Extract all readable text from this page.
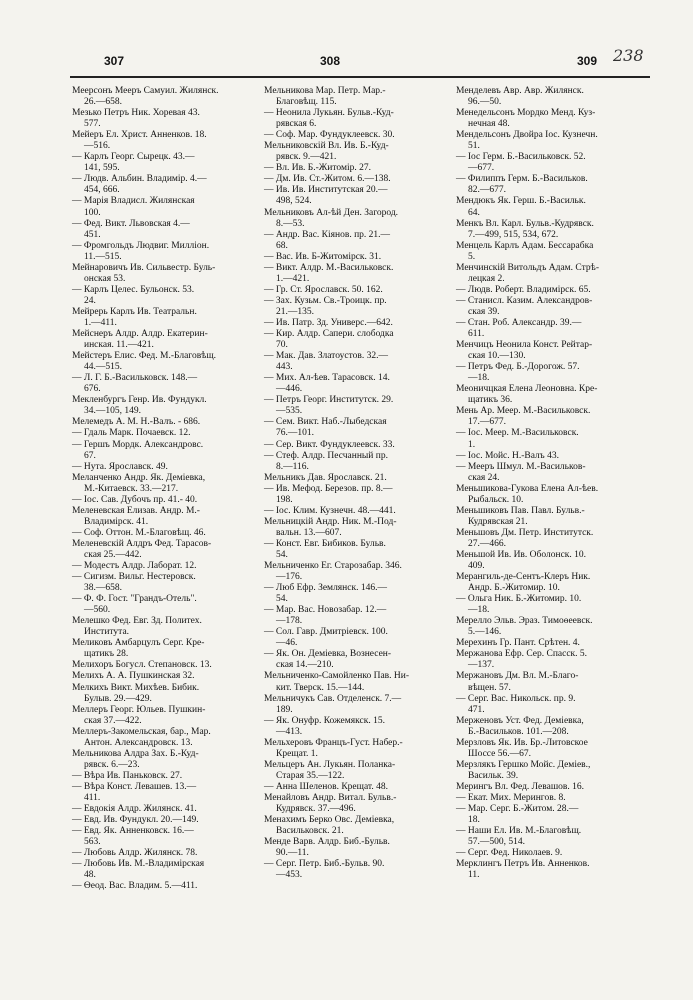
307	308	309 238
Меерсонъ Мееръ Самуил. Жилянск.
26.—658.
Мезько Петръ Ник. Хоревая 43.
577.
Мейеръ Ел. Христ. Анненков. 18.
—516.
— Карлъ Георг. Сырецк. 43.—
141, 595.
— Людв. Альбин. Владимір. 4.—
454, 666.
— Марія Владисл. Жилянская
100.
— Фед. Викт. Львовская 4.—
451.
— Фромгольдъ Людвиг. Милліон.
11.—515.
Мейнаровичъ Ив. Сильвестр. Буль-
онская 53.
— Карлъ Целес. Бульонск. 53.
24.
Мейрерь Карлъ Ив. Театральн.
1.—411.
Мейснеръ Алдр. Алдр. Екатерин-
инская. 11.—421.
Мейстеръ Елис. Фед. М.-Благовѣщ.
44.—515.
— Л. Г. Б.-Васильковск. 148.—
676.
Мекленбургъ Генр. Ив. Фундукл.
34.—105, 149.
Мелемедъ А. М. Н.-Валъ. - 686.
— Гдаль Марк. Почаевск. 12.
— Гершъ Мордк. Александровс.
67.
— Нута. Ярославск. 49.
Меланченко Андр. Як. Деміевка,
М.-Китаевск. 33.—217.
— Іос. Сав. Дубочъ пр. 41.- 40.
Меленевская Елизав. Андр. М.-
Владимірск. 41.
— Соф. Оттон. М.-Благовѣщ. 46.
Меленевскій Алдръ Фед. Тарасов-
ская 25.—442.
— Модестъ Алдр. Лаборат. 12.
— Сигизм. Вильг. Нестеровск.
38.—658.
— Ф. Ф. Гост. "Грандъ-Отель".
—560.
Мелешко Фед. Евг. Зд. Политех.
Института.
Меликовъ Амбарцулъ Серг. Кре-
щатикъ 28.
Мелихоръ Богусл. Степановск. 13.
Мелихъ А. А. Пушкинская 32.
Мелкихъ Викт. Михѣев. Бибик.
Булыв. 29.—429.
Меллеръ Георг. Юльев. Пушкин-
ская 37.—422.
Меллеръ-Закомельская, бар., Мар.
Антон. Александровск. 13.
Мельникова Алдра Зах. Б.-Куд-
рявск. 6.—23.
— Вѣра Ив. Паньковск. 27.
— Вѣра Конст. Левашев. 13.—
411.
— Евдокія Алдр. Жилянск. 41.
— Евд. Ив. Фундукл. 20.—149.
— Евд. Як. Анненковск. 16.—
563.
— Любовь Алдр. Жилянск. 78.
— Любовь Ив. М.-Владимірская
48.
— Ѳеод. Вас. Владим. 5.—411.
Мельникова Мар. Петр. Мар.-
Благовѣщ. 115.
— Неонила Лукьян. Бульв.-Куд-
рявская 6.
— Соф. Мар. Фундуклеевск. 30.
Мельниковскій Вл. Ив. Б.-Куд-
рявск. 9.—421.
— Вл. Ив. Б.-Житомір. 27.
— Дм. Ив. Ст.-Житом. 6.—138.
— Ив. Ив. Институтская 20.—
498, 524.
Мельниковъ Ал-ѣй Ден. Загород.
8.—53.
— Андр. Вас. Кіянов. пр. 21.—
68.
— Вас. Ив. Б-Житомірск. 31.
— Викт. Алдр. М.-Васильковск.
1.—421.
— Гр. Ст. Ярославск. 50. 162.
— Зах. Кузьм. Св.-Троицк. пр.
21.—135.
— Ив. Патр. Зд. Универс.—642.
— Кир. Алдр. Сапери. слободка
70.
— Мак. Дав. Златоустов. 32.—
443.
— Мих. Ал-ѣев. Тарасовск. 14.
—446.
— Петръ Георг. Институтск. 29.
—535.
— Сем. Викт. Наб.-Лыбедская
76.—101.
— Сер. Викт. Фундуклеевск. 33.
— Стеф. Алдр. Песчанный пр.
8.—116.
Мельникъ Дав. Ярославск. 21.
— Ив. Мефод. Березов. пр. 8.—
198.
— Іос. Клим. Кузнечн. 48.—441.
Мельницкій Андр. Ник. М.-Под-
вальн. 13.—607.
— Конст. Евг. Бибиков. Бульв.
54.
Мельниченко Ег. Старозабар. 346.
—176.
— Люб Ефр. Землянск. 146.—
54.
— Мар. Вас. Новозабар. 12.—
—178.
— Сол. Гавр. Дмитріевск. 100.
—46.
— Як. Он. Деміевка, Вознесен-
ская 14.—210.
Мельниченко-Самойленко Пав. Ни-
кит. Тверск. 15.—144.
Мельничукъ Сав. Отделенск. 7.—
189.
— Як. Онуфр. Кожемякск. 15.
—413.
Мельхеровъ Францъ-Густ. Набер.-
Крещат. 1.
Мельцеръ Ан. Лукьян. Поланка-
Старая 35.—122.
— Анна Шеленов. Крещат. 48.
Менайловъ Андр. Витал. Бульв.-
Кудрявск. 37.—496.
Менахимъ Берко Овс. Деміевка,
Васильковск. 21.
Менде Варв. Алдр. Биб.-Бульв.
90.—11.
— Серг. Петр. Биб.-Бульв. 90.
—453.
Менделевъ Авр. Авр. Жилянск.
96.—50.
Менедельсонъ Мордко Менд. Куз-
нечная 48.
Мендельсонъ Двойра Іос. Кузнечн.
51.
— Іос Герм. Б.-Васильковск. 52.
—677.
— Филиппъ Герм. Б.-Васильков.
82.—677.
Мендюкъ Як. Герш. Б.-Васильк.
64.
Менкъ Вл. Карл. Бульв.-Кудрявск.
7.—499, 515, 534, 672.
Менцель Карлъ Адам. Бессарабка
5.
Менчинскій Витольдъ Адам. Стрѣ-
лецкая 2.
— Людв. Роберт. Владимірск. 65.
— Станисл. Казим. Александров-
ская 39.
— Стан. Роб. Александр. 39.—
611.
Менчицъ Неонила Конст. Рейтар-
ская 10.—130.
— Петръ Фед. Б.-Дорогож. 57.
—18.
Меоничцкая Елена Леоновна. Кре-
щатикъ 36.
Мень Ар. Меер. М.-Васильковск.
17.—677.
— Іос. Меер. М.-Васильковск.
1.
— Іос. Мойс. Н.-Валъ 43.
— Мееръ Шмул. М.-Васильков-
ская 24.
Меньшикова-Гукова Елена Ал-ѣев.
Рыбальск. 10.
Меньшиковъ Пав. Павл. Бульв.-
Кудрявская 21.
Меньшовъ Дм. Петр. Институтск.
27.—466.
Меньшой Ив. Ив. Оболонск. 10.
409.
Мерангиль-де-Сентъ-Клеръ Ник.
Андр. Б.-Житомир. 10.
— Ольга Ник. Б.-Житомир. 10.
—18.
Мерелло Эльв. Эраз. Тимоѳеевск.
5.—146.
Мерехинъ Гр. Пант. Срѣтен. 4.
Мержанова Ефр. Сер. Спасск. 5.
—137.
Мержановъ Дм. Вл. М.-Благо-
вѣщен. 57.
— Серг. Вас. Никольск. пр. 9.
471.
Мерженовъ Уст. Фед. Деміевка,
Б.-Васильков. 101.—208.
Мерзловъ Як. Ив. Бр.-Литовское
Шоссе 56.—67.
Мерзлякъ Гершко Мойс. Деміев.,
Васильк. 39.
Мерингъ Вл. Фед. Левашов. 16.
— Екат. Мих. Мерингов. 8.
— Мар. Серг. Б.-Житом. 28.—
18.
— Наши Ел. Ив. М.-Благовѣщ.
57.—500, 514.
— Серг. Фед. Николаев. 9.
Мерклингъ Петръ Ив. Анненков.
11.
